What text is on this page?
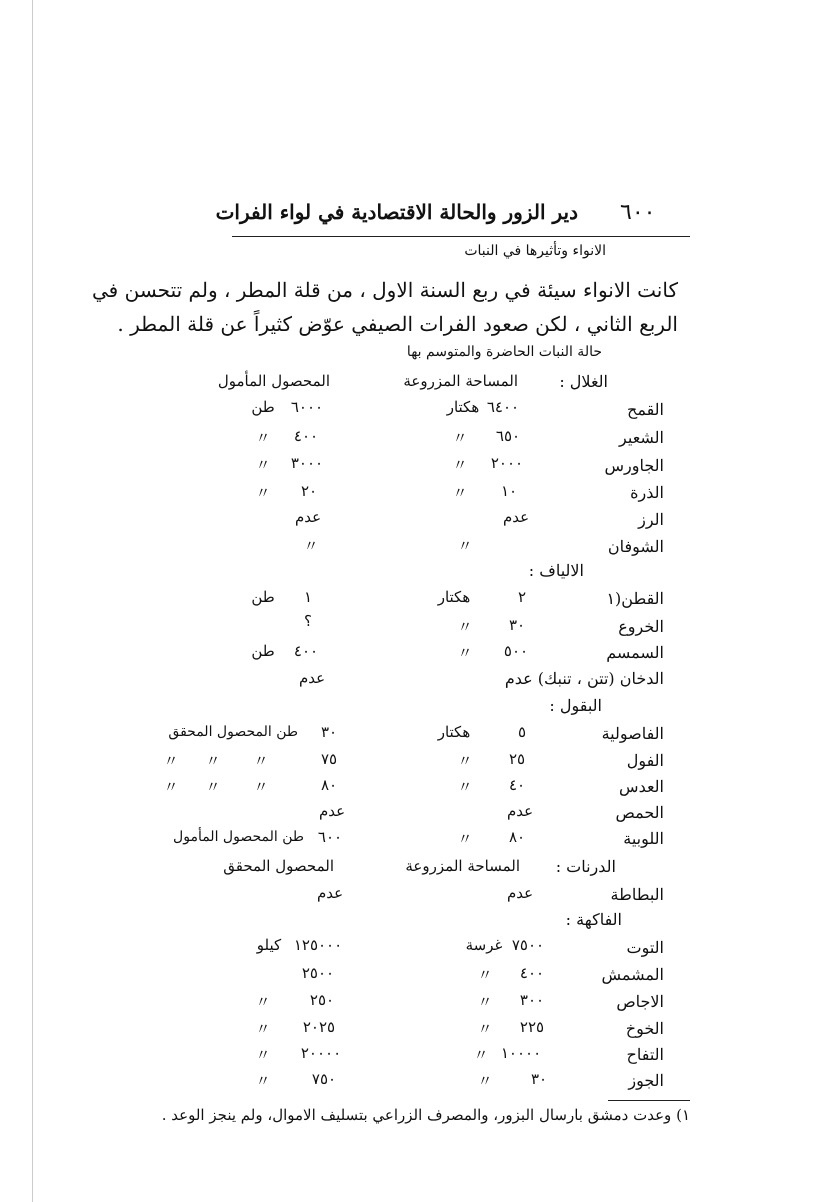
٦٠٠
دير الزور والحالة الاقتصادية في لواء الفرات
الانواء وتأثيرها في النبات
كانت الانواء سيئة في ربع السنة الاول ، من قلة المطر ، ولم تتحسن في
الربع الثاني ، لكن صعود الفرات الصيفي عوّض كثيراً عن قلة المطر .
حالة النبات الحاضرة والمتوسم بها
الغلال :
المساحة المزروعة
المحصول المأمول
القمح
٦٤٠٠
هكتار
٦٠٠٠
طن
الشعير
٦٥٠
〃
٤٠٠
〃
الجاورس
٢٠٠٠
〃
٣٠٠٠
〃
الذرة
١٠
〃
٢٠
〃
الرز
عدم
عدم
الشوفان
〃
〃
الالياف :
القطن(١
٢
هكتار
١
طن
الخروع
٣٠
〃
؟
السمسم
٥٠٠
〃
٤٠٠
طن
الدخان (تتن ، تنبك) عدم
عدم
البقول :
الفاصولية
٥
هكتار
٣٠
طن المحصول المحقق
الفول
٢٥
〃
٧٥
〃
〃
〃
العدس
٤٠
〃
٨٠
〃
〃
〃
الحمص
عدم
عدم
اللوبية
٨٠
〃
٦٠٠
طن المحصول المأمول
الدرنات :
المساحة المزروعة
المحصول المحقق
البطاطة
عدم
عدم
الفاكهة :
التوت
٧٥٠٠
غرسة
١٢٥٠٠٠
كيلو
المشمش
٤٠٠
〃
٢٥٠٠
الاجاص
٣٠٠
〃
٢٥٠
〃
الخوخ
٢٢٥
〃
٢٠٢٥
〃
التفاح
١٠٠٠٠
〃
٢٠٠٠٠
〃
الجوز
٣٠
〃
٧٥٠
〃
١) وعدت دمشق بارسال البزور، والمصرف الزراعي بتسليف الاموال، ولم ينجز الوعد .
